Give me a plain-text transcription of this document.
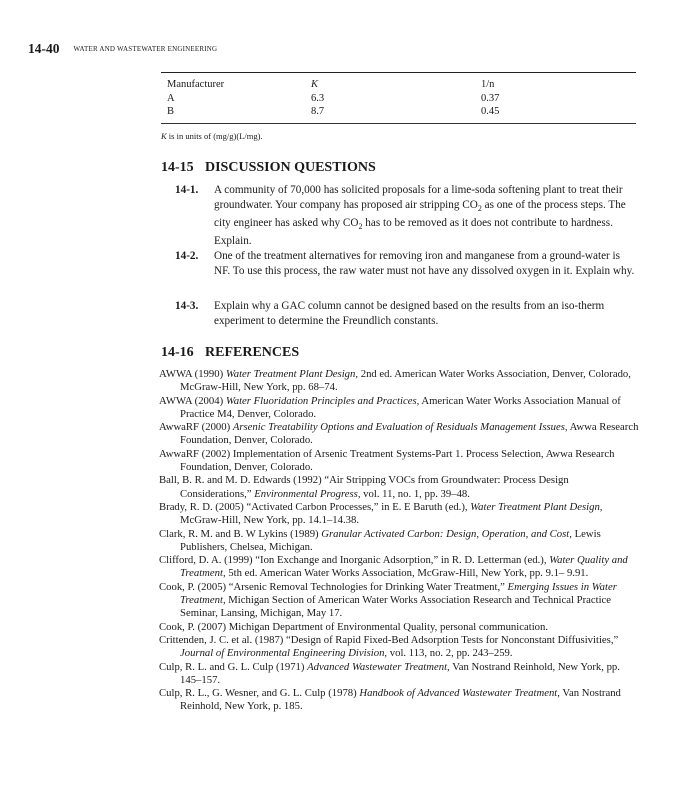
14-40 WATER AND WASTEWATER ENGINEERING
Manufacturer	K	1/n
A	6.3	0.37
B	8.7	0.45
K is in units of (mg/g)(L/mg).
14-15 DISCUSSION QUESTIONS
14-1. A community of 70,000 has solicited proposals for a lime-soda softening plant to treat their groundwater. Your company has proposed air stripping $CO_2$ as one of the process steps. The city engineer has asked why $CO_2$ has to be removed as it does not contribute to hardness. Explain.
14-2. One of the treatment alternatives for removing iron and manganese from a ground-water is NF. To use this process, the raw water must not have any dissolved oxygen in it. Explain why.
14-3. Explain why a GAC column cannot be designed based on the results from an iso-therm experiment to determine the Freundlich constants.
14-16 REFERENCES

AWWA (1990) Water Treatment Plant Design, 2nd ed. American Water Works Association, Denver, Colorado, McGraw-Hill, New York, pp. 68–74.

AWWA (2004) Water Fluoridation Principles and Practices, American Water Works Association Manual of Practice M4, Denver, Colorado.

AwwaRF (2000) Arsenic Treatability Options and Evaluation of Residuals Management Issues, Awwa Research Foundation, Denver, Colorado.

AwwaRF (2002) Implementation of Arsenic Treatment Systems-Part 1. Process Selection, Awwa Research Foundation, Denver, Colorado.

Ball, B. R. and M. D. Edwards (1992) “Air Stripping VOCs from Groundwater: Process Design Considerations,” Environmental Progress, vol. 11, no. 1, pp. 39–48.

Brady, R. D. (2005) “Activated Carbon Processes,” in E. E Baruth (ed.), Water Treatment Plant Design, McGraw-Hill, New York, pp. 14.1–14.38.

Clark, R. M. and B. W Lykins (1989) Granular Activated Carbon: Design, Operation, and Cost, Lewis Publishers, Chelsea, Michigan.

Clifford, D. A. (1999) “Ion Exchange and Inorganic Adsorption,” in R. D. Letterman (ed.), Water Quality and Treatment, 5th ed. American Water Works Association, McGraw-Hill, New York, pp. 9.1– 9.91.

Cook, P. (2005) “Arsenic Removal Technologies for Drinking Water Treatment,” Emerging Issues in Water Treatment, Michigan Section of American Water Works Association Research and Technical Practice Seminar, Lansing, Michigan, May 17.

Cook, P. (2007) Michigan Department of Environmental Quality, personal communication.

Crittenden, J. C. et al. (1987) “Design of Rapid Fixed-Bed Adsorption Tests for Nonconstant Diffusivities,” Journal of Environmental Engineering Division, vol. 113, no. 2, pp. 243–259.

Culp, R. L. and G. L. Culp (1971) Advanced Wastewater Treatment, Van Nostrand Reinhold, New York, pp. 145–157.

Culp, R. L., G. Wesner, and G. L. Culp (1978) Handbook of Advanced Wastewater Treatment, Van Nostrand Reinhold, New York, p. 185.
